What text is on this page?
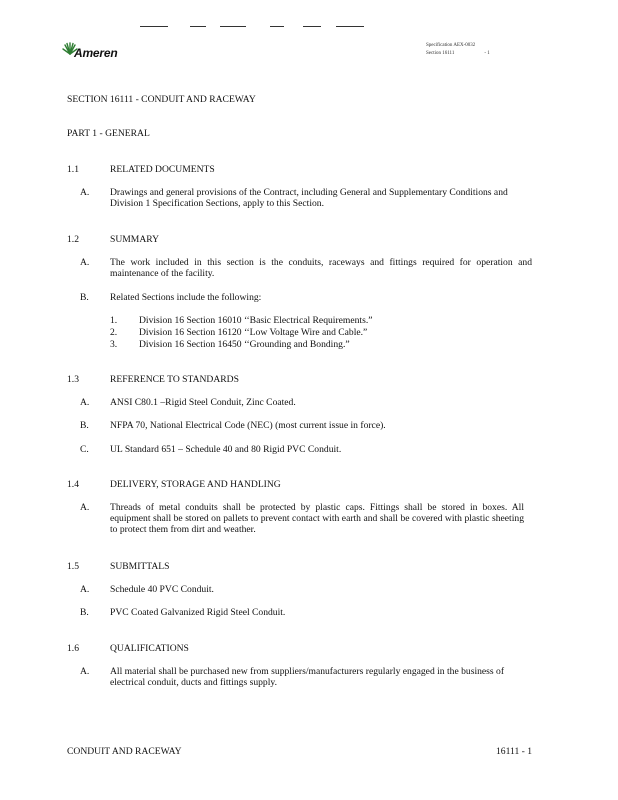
Ameren
Specification AEX-0032
Section 16111	- 1
SECTION 16111 - CONDUIT AND RACEWAY
PART 1 - GENERAL
1.1	RELATED DOCUMENTS
A. Drawings and general provisions of the Contract, including General and Supplementary Conditions and Division 1 Specification Sections, apply to this Section.
1.2	SUMMARY
A. The work included in this section is the conduits, raceways and fittings required for operation and maintenance of the facility.
B. Related Sections include the following:
1. Division 16 Section 16010 ‘‘Basic Electrical Requirements.”
2. Division 16 Section 16120 ‘‘Low Voltage Wire and Cable.”
3. Division 16 Section 16450 ‘‘Grounding and Bonding.”
1.3	REFERENCE TO STANDARDS
A. ANSI C80.1 –Rigid Steel Conduit, Zinc Coated.
B. NFPA 70, National Electrical Code (NEC) (most current issue in force).
C. UL Standard 651 – Schedule 40 and 80 Rigid PVC Conduit.
1.4	DELIVERY, STORAGE AND HANDLING
A. Threads of metal conduits shall be protected by plastic caps. Fittings shall be stored in boxes. All equipment shall be stored on pallets to prevent contact with earth and shall be covered with plastic sheeting to protect them from dirt and weather.
1.5	SUBMITTALS
A. Schedule 40 PVC Conduit.
B. PVC Coated Galvanized Rigid Steel Conduit.
1.6	QUALIFICATIONS
A. All material shall be purchased new from suppliers/manufacturers regularly engaged in the business of electrical conduit, ducts and fittings supply.
CONDUIT AND RACEWAY	16111 - 1
